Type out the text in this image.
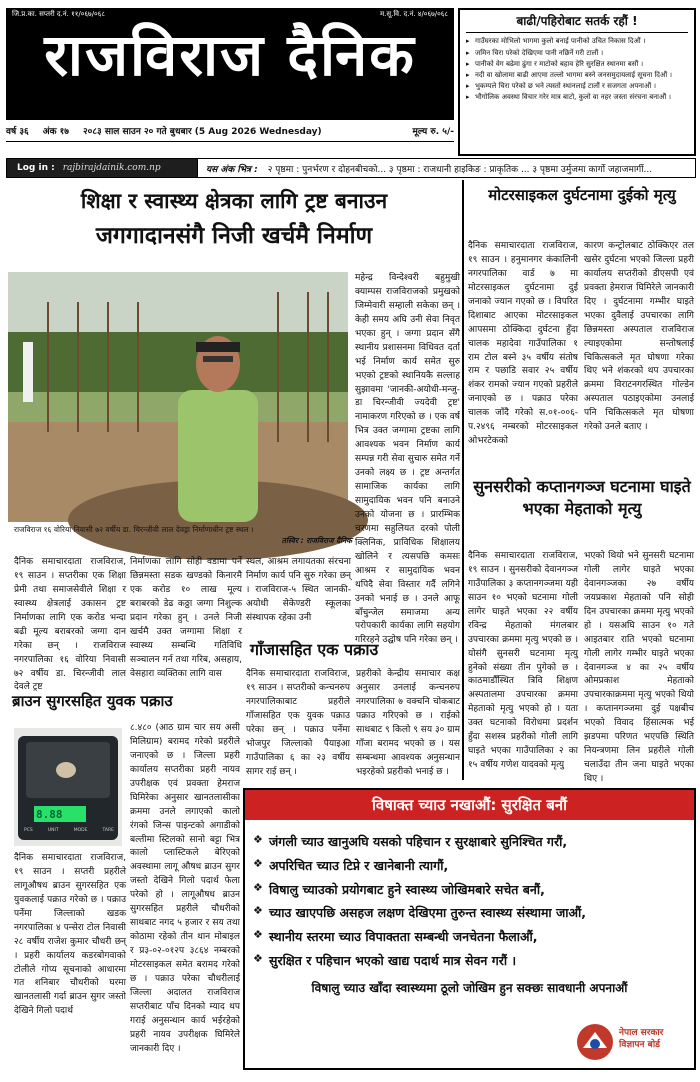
जि.प्र.का. सप्तरी द.नं. ११/०६७/०६८	म.सू.वि. द.नं. ४/०६७/०६८
राजविराज दैनिक
वर्ष ३६ अंक १७ २०८३ साल साउन २० गते बुधबार (5 Aug 2026 Wednesday)	मूल्य रु. ५/-
बाढी/पहिरोबाट सतर्क रहौं !
▸ गाउँघरका मोभिलो भागमा कुलो बनाई पानीको उचित निकास दिऔं ।
▸ जमिन चिरा परेको देखिएमा पानी नछिर्ने गरी टालौं ।
▸ पानीको वेग बढेमा ढुंगा र माटोको बहाव हेरि सुरक्षित स्थानमा बसौं ।
▸ नदी वा खोलामा बाढी आएमा तल्लो भागमा बस्ने जनसमुदायलाई सूचना दिऔं ।
▸ भुकम्पले चिरा परेको छ भने त्यस्तो स्थानलाई टालौं र सजगता अपनाऔं ।
▸ भौगोलिक अवस्था विचार गरेर मात्र बाटो, कुलो वा नहर जस्ता संरचना बनाऔं ।
Log in : rajbirajdainik.com.np	यस अंक भित्र : २ पृष्ठमा : पुनर्भरण र दोहनबीचको... ३ पृष्ठमा : राजधानी हाइकिङ : प्राकृतिक ... ३ पृष्ठमा उर्मुजमा कार्गो जहाजमार्गी...
शिक्षा र स्वास्थ्य क्षेत्रका लागि ट्रष्ट बनाउन
जगगादानसंगै निजी खर्चमै निर्माण
राजविराज १६ वोरिया निवासी ७२ वर्षीय डा. चिरन्जीवी लाल देवड्रा निर्माणाधीन ट्रष्ट स्थल ।
तस्विर : राजविराज दैनिक
महेन्द्र विन्देश्वरी बहुमुखी क्याम्पस राजविराजको प्रमुखको जिम्मेवारी सम्हाली सकेका छन् । केही समय अघि उनी सेवा निवृत भएका हुन् । जग्गा प्रदान सँगै स्थानीय प्रशासनमा विधिवत दर्ता भई निर्माण कार्य समेत सुरु भएको ट्रष्टको स्थानियकै सल्लाह सुझावमा 'जानकी-अयोधी-मन्जु-डा चिरन्जीवी ज्यदेवी ट्रष्ट' नामाकरण गरिएको छ । एक वर्ष भित्र उक्त जग्गामा ट्रष्टका लागि आवश्यक भवन निर्माण कार्य सम्पन्न गरी सेवा सुचारु समेत गर्ने उनको लक्ष्य छ । ट्रष्ट अन्तर्गत सामाजिक कार्यका लागि सामुदायिक भवन पनि बनाउने उनको योजना छ । प्रारम्भिक चरणमा सहुलियत दरको पोली क्लिनिक, प्राविधिक शिक्षालय खोलिने र त्यसपछि कमसः आश्रम र सामुदायिक भवन थपिदै सेवा विस्तार गर्दै लगिने उनको भनाई छ । उनले आफू बाँचुन्जेल समाजमा अन्य परोपकारी कार्यका लागि सहयोग गरिरहने उद्घोष पनि गरेका छन् ।
दैनिक समाचारदाता राजविराज, १९ साउन । सप्तरीका एक शिक्षा प्रेमी तथा समाजसेवीले शिक्षा र स्वास्थ्य क्षेत्रलाई उकासन ट्रष्ट निर्माणका लागि एक करोड भन्दा बढी मूल्य बराबरको जग्गा दान गरेका छन् । राजविराज नगरपालिका १६ वोरिया निवासी ७२ वर्षीय डा. चिरन्जीवी लाल देवले ट्रष्ट
निर्माणका लागि सोही वडामा पर्ने छिन्नमस्ता सडक खण्डको किनारमै एक करोड १० लाख मूल्य बराबरको डेढ कठ्ठा जग्गा निशुल्क प्रदान गरेका हुन् । उनले निजी खर्चमै उक्त जग्गामा शिक्षा र स्वास्थ्य सम्बन्धि गतिविधि सञ्चालन गर्न तथा गरिब, असहाय, वेसहारा व्यक्तिका लागि वास
स्थल, आश्रम लगायतका संरचना निर्माण कार्य पनि सुरु गरेका छन् । राजविराज-५ स्थित जानकी-अयोधी सेकेण्डरी स्कूलका संस्थापक रहेका उनी
मोटरसाइकल दुर्घटनामा दुईको मृत्यु
दैनिक समाचारदाता राजविराज, १९ साउन । हनुमानगर कंकालिनी नगरपालिका वार्ड ७ मा मोटरसाइकल दुर्घटनामा दुई जनाको ज्यान गएको छ । विपरित दिशाबाट आएका मोटरसाइकल आपसमा ठोक्किदा दुर्घटना हुँदा चालक महादेवा गाउँपालिका १ राम टोल बस्ने ३५ वर्षीय संतोष राम र पछाडि सवार २५ वर्षीय शंकर रामको ज्यान गएको प्रहरीले जनाएको छ । पक्राउ परेका चालक जाँदै गरेको स.०१-००६-प.२४९६ नम्बरको मोटरसाइकल ओभरटेकको
कारण कन्ट्रोलबाट ठोक्किएर तल खसेर दुर्घटना भएको जिल्ला प्रहरी कार्यालय सप्तरीको डीएसपी एवं प्रवक्ता हेमराज घिमिरेले जानकारी दिए । दुर्घटनामा गम्भीर घाइते भएका दुवैलाई उपचारका लागि छिन्नमस्ता अस्पताल राजविराज ल्याइएकोमा सन्तोषलाई चिकित्सकले मृत घोषणा गरेका थिए भने शंकरको थप उपचारका क्रममा विराटनगरस्थित गोल्डेन अस्पताल पठाइएकोमा उनलाई पनि चिकित्सकले मृत घोषणा गरेको उनले बताए ।
सुनसरीको कप्तानगञ्ज घटनामा घाइते भएका मेहताको मृत्यु
दैनिक समाचारदाता राजविराज, १९ साउन । सुनसरीको देवानगञ्ज गाउँपालिका ३ कप्तानगञ्जमा यही साउन १० भएको घटनामा गोली लागेर घाइते भएका २२ वर्षीय रविन्द्र मेहताको मंगलबार उपचारका क्रममा मृत्यु भएको छ । योसंगै सुनसरी घटनामा मृत्यु हुनेको संख्या तीन पुगेको छ । काठमाडौँस्थित त्रिवि शिक्षण अस्पतालमा उपचारका क्रममा मेहताको मृत्यु भएको हो । यता उक्त घटनाको विरोधमा प्रदर्शन हुँदा सशस्त्र प्रहरीको गोली लागि घाइते भएका गाउँपालिका २ का १५ वर्षीय गणेश यादवको मृत्यु
भएको थियो भने सुनसरी घटनामा गोली लागेर घाइते भएका देवानगञ्जका २७ वर्षीय जयप्रकाश मेहताको पनि सोही दिन उपचारका क्रममा मृत्यु भएको हो । यसअघि साउन १० गते आइतबार राति भएको घटनामा गोली लागेर गम्भीर घाइते भएका देवानगञ्ज ४ का २५ वर्षीय ओमप्रकाश मेहताको उपचारकाक्रममा मृत्यु भएको थियो । कप्तानगञ्जमा दुई पक्षबीच भएको विवाद हिंसात्मक भई झडपमा परिणत भएपछि स्थिति नियन्त्रणमा लिन प्रहरीले गोली चलाउँदा तीन जना घाइते भएका थिए ।
गाँजासहित एक पक्राउ
दैनिक समाचारदाता राजविराज, १९ साउन । सप्तरीको कन्चनरुप नगरपालिकाबाट प्रहरीले गाँजासहित एक युवक पक्राउ परेका छन् । पक्राउ पर्नेमा भोजपुर जिल्लाको पैयाइआ गाउँपालिका ६ का २३ वर्षीय सागर राई छन् ।
प्रहरीको केन्द्रीय समाचार कक्ष अनुसार उनलाई कन्चनरुप नगरपालिका ७ वक्चनि चोकबाट पक्राउ गरिएको छ । राईको साथबाट ९ किलो ९ सय ३० ग्राम गाँजा बरामद भएको छ । यस सम्बन्धमा आवश्यक अनुसन्धान भइरहेको प्रहरीको भनाई छ ।
ब्राउन सुगरसहित युवक पक्राउ
8.88
PCS	UNIT	MODE	TARE
दैनिक समाचारदाता राजविराज, १९ साउन । सप्तरी प्रहरीले लागूऔषध ब्राउन सुगरसहित एक युवकलाई पक्राउ गरेको छ । पक्राउ पर्नेमा जिल्लाको खडक नगरपालिका ४ पन्सेरा टोल निवासी २८ वर्षीय राजेश कुमार चौधरी छन् । प्रहरी कार्यालय कडरबोगवाको टोलीले गोप्य सूचनाको आधारमा गत शनिबार चौधरीको घरमा खानतलासी गर्दा ब्राउन सुगर जस्तो देखिने गिलो पदार्थ
८.४८० (आठ ग्राम चार सय असी मिलिग्राम) बरामद गरेको प्रहरीले जनाएको छ । जिल्ला प्रहरी कार्यालय सप्तरीका प्रहरी नायव उपरीक्षक एवं प्रवक्ता हेमराज घिमिरेका अनुसार खानतलासीका क्रममा उनले लगाएको कालो रंगको जिन्स पाइन्टको अगाडीको बल्तीमा स्टिलको सानो बट्टा भित्र कालो प्लास्टिकले बेरिएको अवस्थामा लागू औषध ब्राउन सुगर जस्तो देखिने गिलो पदार्थ फेला परेको हो । लागूऔषध ब्राउन सुगरसहित प्रहरीले चौधरीको साथबाट नगद ५ हजार र सय तथा कोठामा रहेको तीन थान मोबाइल र प्र३-०२-०१२प ३८६४ नम्बरको मोटरसाइकल समेत बरामद गरेको छ । पक्राउ परेका चौधरीलाई जिल्ला अदालत राजविराज सप्तरीबाट पाँच दिनको म्याद थप गराई अनुसन्धान कार्य भईरहेको प्रहरी नायव उपरीक्षक घिमिरेले जानकारी दिए ।
विषाक्त च्याउ नखाऔं: सुरक्षित बनौं
❖ जंगली च्याउ खानुअघि यसको पहिचान र सुरक्षाबारे सुनिश्चित गरौं,
❖ अपरिचित च्याउ टिप्ने र खानेबानी त्यागौं,
❖ विषालु च्याउको प्रयोगबाट हुने स्वास्थ्य जोखिमबारे सचेत बनौं,
❖ च्याउ खाएपछि असहज लक्षण देखिएमा तुरुन्त स्वास्थ्य संस्थामा जाऔं,
❖ स्थानीय स्तरमा च्याउ विपाक्तता सम्बन्धी जनचेतना फैलाऔं,
❖ सुरक्षित र पहिचान भएको खाद्य पदार्थ मात्र सेवन गरौं ।
विषालु च्याउ खाँदा स्वास्थ्यमा ठूलो जोखिम हुन सक्छः सावधानी अपनाऔं
नेपाल सरकार
विज्ञापन बोर्ड
